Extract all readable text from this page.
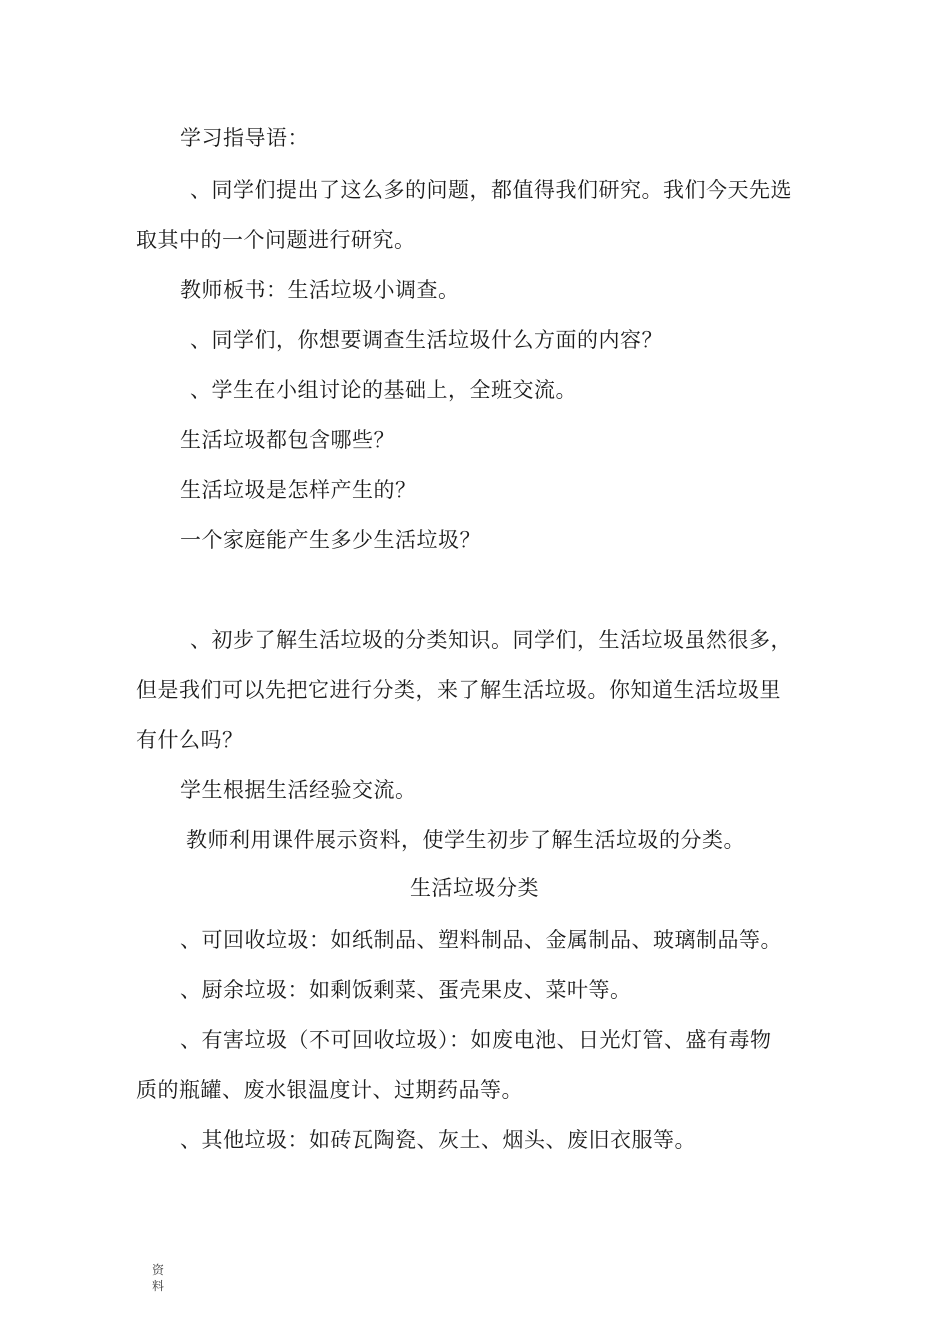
学习指导语：
、同学们提出了这么多的问题，都值得我们研究。我们今天先选
取其中的一个问题进行研究。
教师板书：生活垃圾小调查。
、同学们，你想要调查生活垃圾什么方面的内容？
、学生在小组讨论的基础上，全班交流。
生活垃圾都包含哪些？
生活垃圾是怎样产生的？
一个家庭能产生多少生活垃圾？
、初步了解生活垃圾的分类知识。同学们，生活垃圾虽然很多，
但是我们可以先把它进行分类，来了解生活垃圾。你知道生活垃圾里
有什么吗？
学生根据生活经验交流。
教师利用课件展示资料，使学生初步了解生活垃圾的分类。
生活垃圾分类
、可回收垃圾：如纸制品、塑料制品、金属制品、玻璃制品等。
、厨余垃圾：如剩饭剩菜、蛋壳果皮、菜叶等。
、有害垃圾（不可回收垃圾）：如废电池、日光灯管、盛有毒物
质的瓶罐、废水银温度计、过期药品等。
、其他垃圾：如砖瓦陶瓷、灰土、烟头、废旧衣服等。
资
料
